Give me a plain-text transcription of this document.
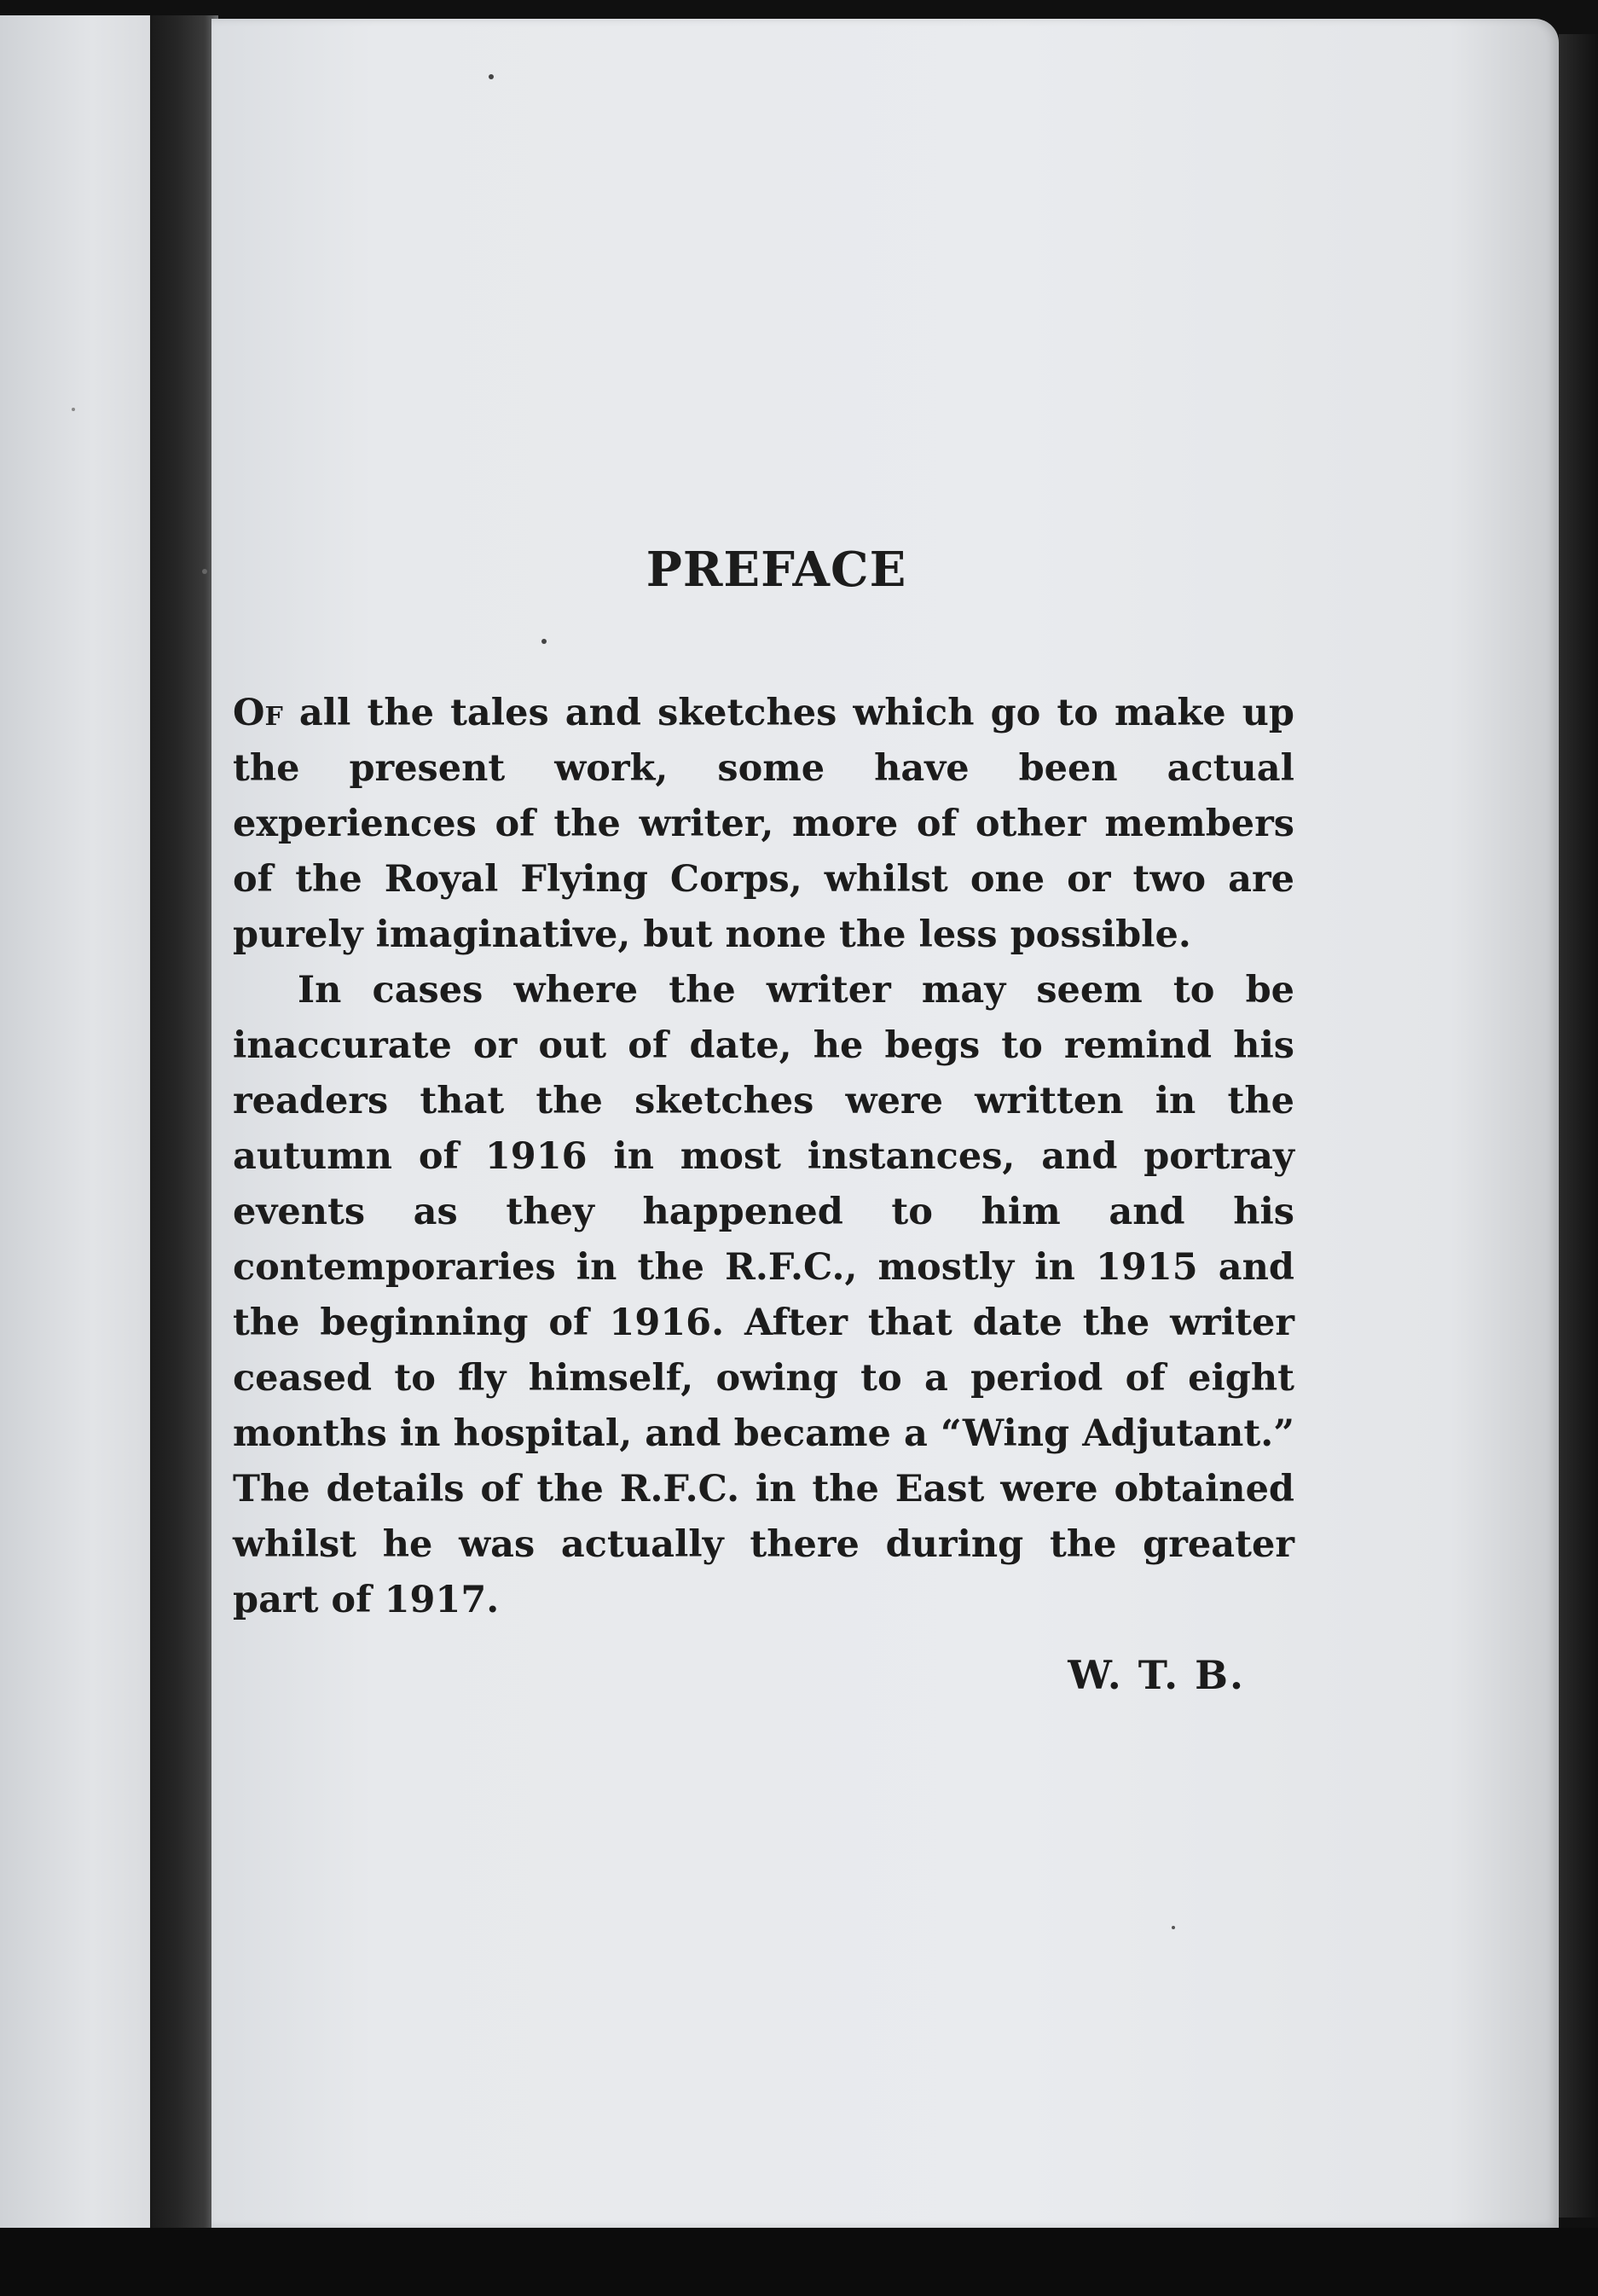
PREFACE

Of all the tales and sketches which go to make up the present work, some have been actual experiences of the writer, more of other members of the Royal Flying Corps, whilst one or two are purely imaginative, but none the less possible.

In cases where the writer may seem to be inaccurate or out of date, he begs to remind his readers that the sketches were written in the autumn of 1916 in most instances, and portray events as they happened to him and his contemporaries in the R.F.C., mostly in 1915 and the beginning of 1916. After that date the writer ceased to fly himself, owing to a period of eight months in hospital, and became a “Wing Adjutant.” The details of the R.F.C. in the East were obtained whilst he was actually there during the greater part of 1917.

W. T. B.
